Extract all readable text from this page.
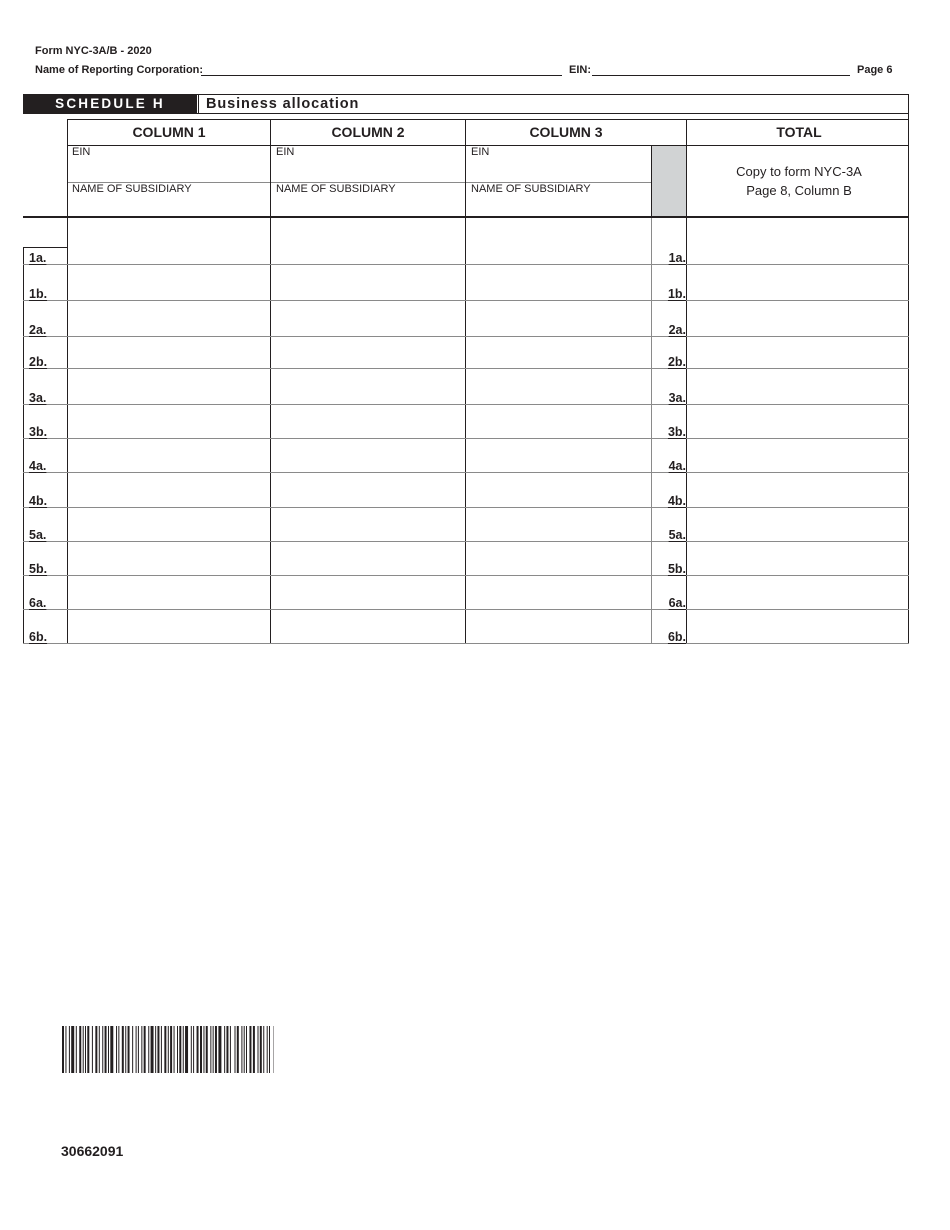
Form NYC-3A/B - 2020
Name of Reporting Corporation:	EIN:	Page 6
SCHEDULE H	Business allocation
COLUMN 1	COLUMN 2	COLUMN 3	TOTAL
EIN	EIN	EIN
NAME OF SUBSIDIARY	NAME OF SUBSIDIARY	NAME OF SUBSIDIARY
Copy to form NYC-3A
Page 8, Column B
1a.	1a.
1b.	1b.
2a.	2a.
2b.	2b.
3a.	3a.
3b.	3b.
4a.	4a.
4b.	4b.
5a.	5a.
5b.	5b.
6a.	6a.
6b.	6b.
30662091
